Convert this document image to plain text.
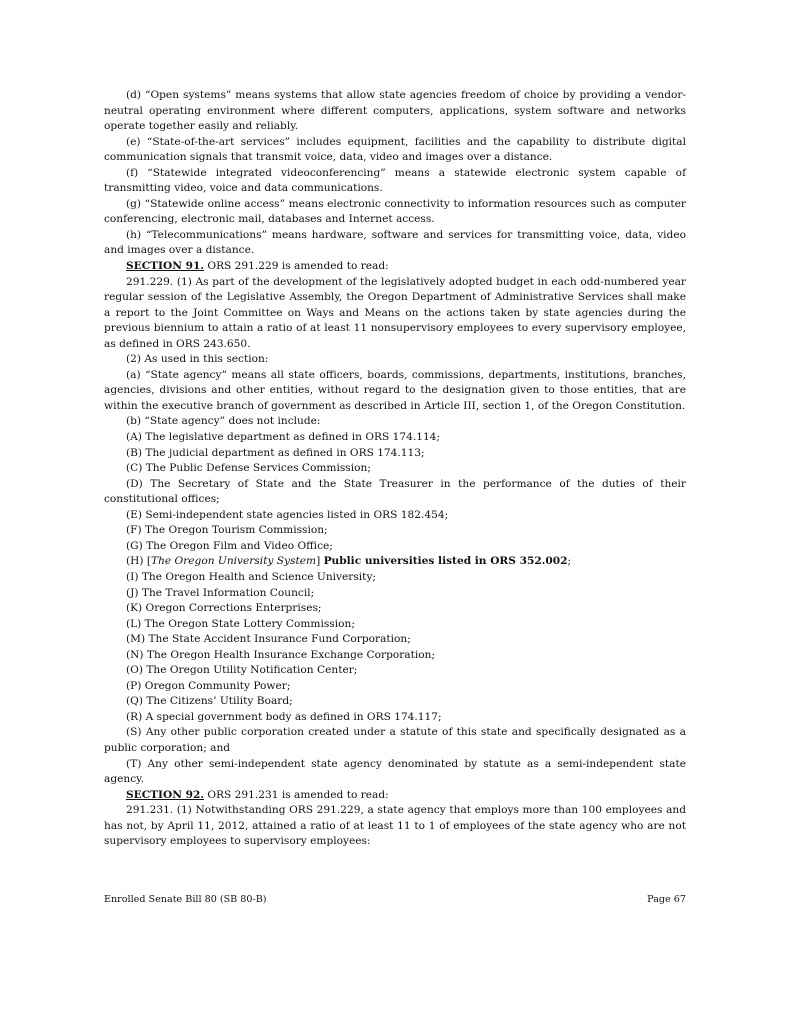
(d) “Open systems” means systems that allow state agencies freedom of choice by providing a vendor-neutral operating environment where different computers, applications, system software and networks operate together easily and reliably.

(e) “State-of-the-art services” includes equipment, facilities and the capability to distribute digital communication signals that transmit voice, data, video and images over a distance.

(f) “Statewide integrated videoconferencing” means a statewide electronic system capable of transmitting video, voice and data communications.

(g) “Statewide online access” means electronic connectivity to information resources such as computer conferencing, electronic mail, databases and Internet access.

(h) “Telecommunications” means hardware, software and services for transmitting voice, data, video and images over a distance.

SECTION 91. ORS 291.229 is amended to read:

291.229. (1) As part of the development of the legislatively adopted budget in each odd-numbered year regular session of the Legislative Assembly, the Oregon Department of Administrative Services shall make a report to the Joint Committee on Ways and Means on the actions taken by state agencies during the previous biennium to attain a ratio of at least 11 nonsupervisory employees to every supervisory employee, as defined in ORS 243.650.

(2) As used in this section:

(a) “State agency” means all state officers, boards, commissions, departments, institutions, branches, agencies, divisions and other entities, without regard to the designation given to those entities, that are within the executive branch of government as described in Article III, section 1, of the Oregon Constitution.

(b) “State agency” does not include:

(A) The legislative department as defined in ORS 174.114;

(B) The judicial department as defined in ORS 174.113;

(C) The Public Defense Services Commission;

(D) The Secretary of State and the State Treasurer in the performance of the duties of their constitutional offices;

(E) Semi-independent state agencies listed in ORS 182.454;

(F) The Oregon Tourism Commission;

(G) The Oregon Film and Video Office;

(H) [The Oregon University System] Public universities listed in ORS 352.002;

(I) The Oregon Health and Science University;

(J) The Travel Information Council;

(K) Oregon Corrections Enterprises;

(L) The Oregon State Lottery Commission;

(M) The State Accident Insurance Fund Corporation;

(N) The Oregon Health Insurance Exchange Corporation;

(O) The Oregon Utility Notification Center;

(P) Oregon Community Power;

(Q) The Citizens’ Utility Board;

(R) A special government body as defined in ORS 174.117;

(S) Any other public corporation created under a statute of this state and specifically designated as a public corporation; and

(T) Any other semi-independent state agency denominated by statute as a semi-independent state agency.

SECTION 92. ORS 291.231 is amended to read:

291.231. (1) Notwithstanding ORS 291.229, a state agency that employs more than 100 employees and has not, by April 11, 2012, attained a ratio of at least 11 to 1 of employees of the state agency who are not supervisory employees to supervisory employees:

Enrolled Senate Bill 80 (SB 80-B)	Page 67
